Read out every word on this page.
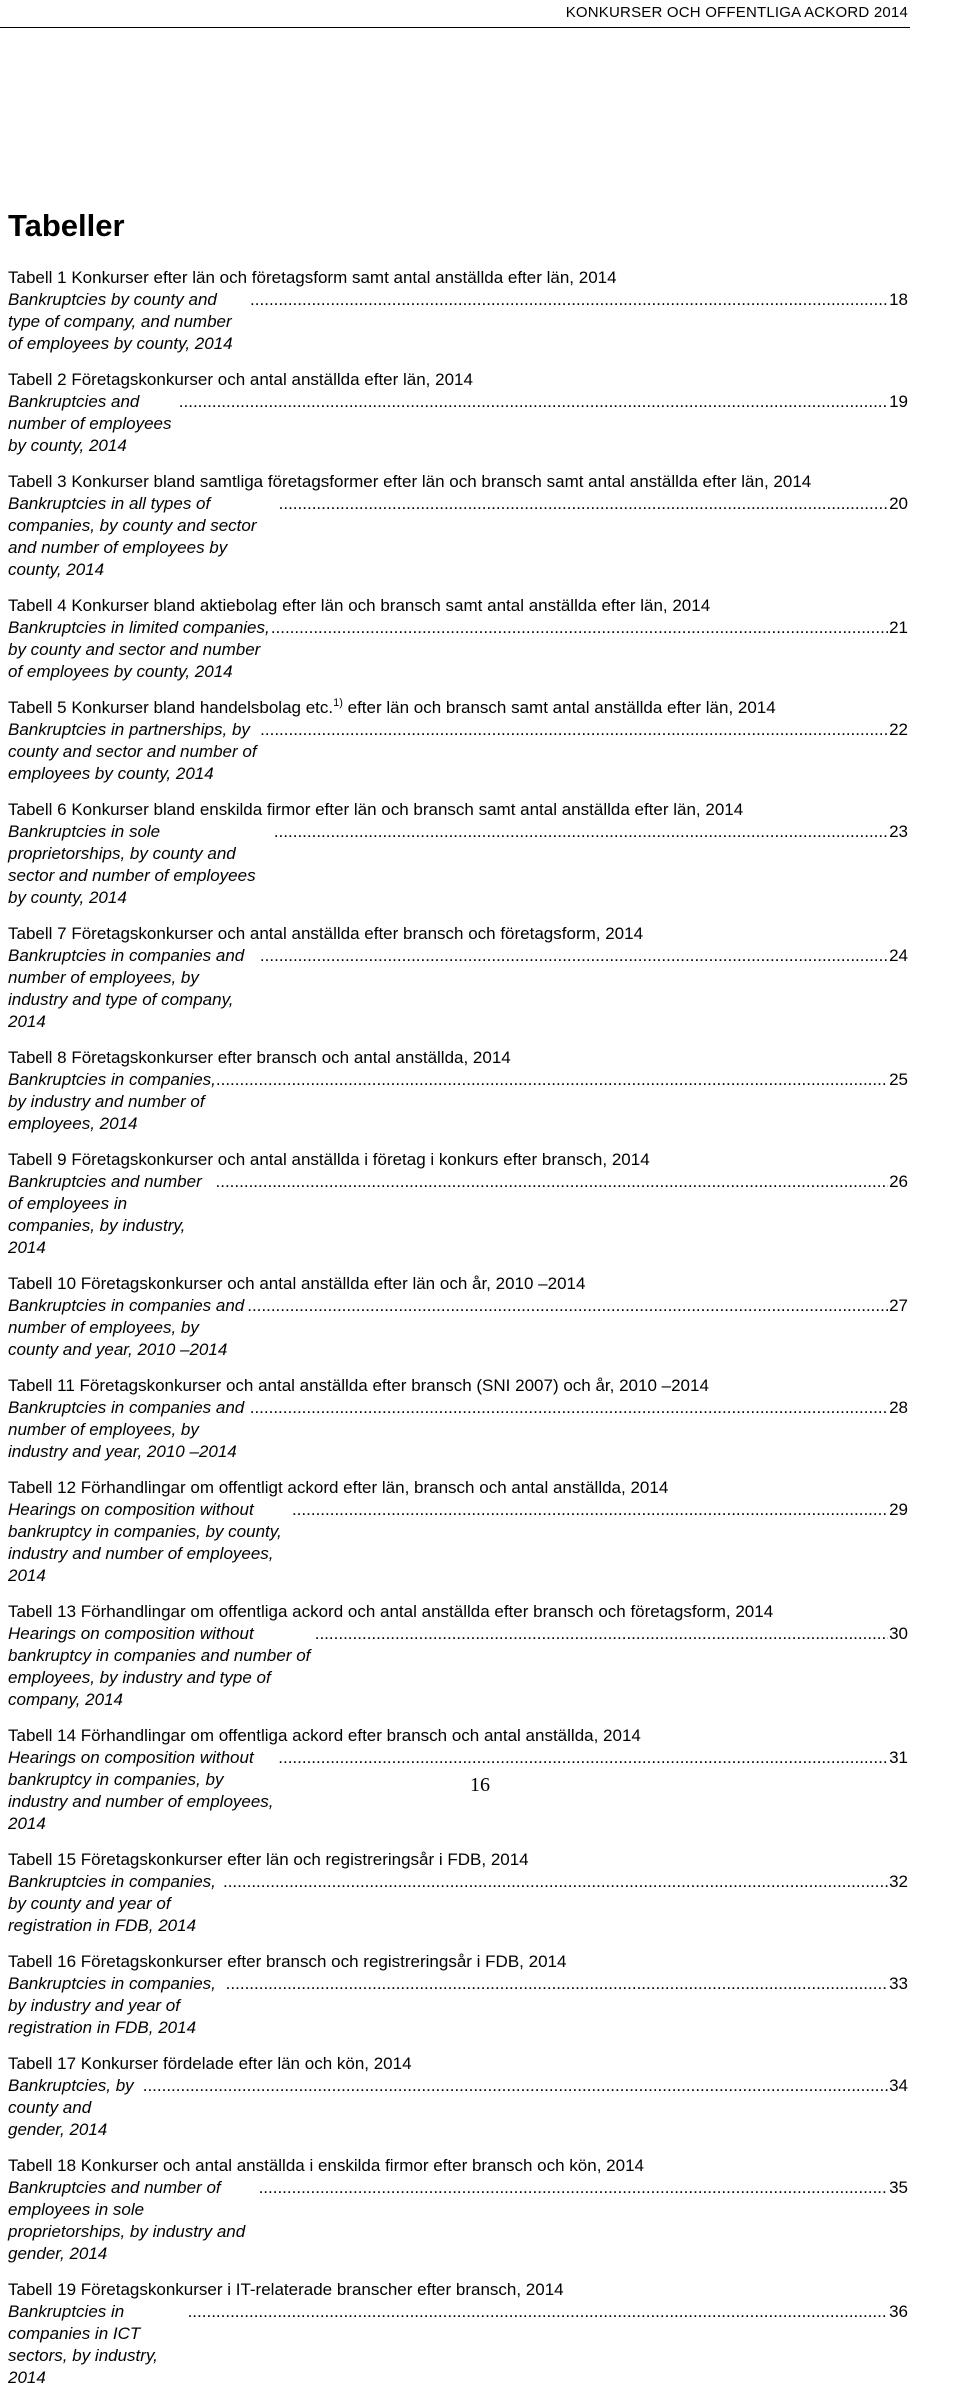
KONKURSER OCH OFFENTLIGA ACKORD 2014
Tabeller
Tabell 1 Konkurser efter län och företagsform samt antal anställda efter län, 2014
Bankruptcies by county and type of company, and number of employees by county, 2014
.....
18
Tabell 2 Företagskonkurser och antal anställda efter län, 2014
Bankruptcies and number of employees by county, 2014
.....
19
Tabell 3 Konkurser bland samtliga företagsformer efter län och bransch samt antal anställda efter län, 2014
Bankruptcies in all types of companies, by county and sector and number of employees by county, 2014
.....
20
Tabell 4 Konkurser bland aktiebolag efter län och bransch samt antal anställda efter län, 2014
Bankruptcies in limited companies, by county and sector and number of employees by county, 2014
.....
21
Tabell 5 Konkurser bland handelsbolag etc.$^{1)}$ efter län och bransch samt antal anställda efter län, 2014
Bankruptcies in partnerships, by county and sector and number of employees by county, 2014
.....
22
Tabell 6 Konkurser bland enskilda firmor efter län och bransch samt antal anställda efter län, 2014
Bankruptcies in sole proprietorships, by county and sector and number of employees by county, 2014
.....
23
Tabell 7 Företagskonkurser och antal anställda efter bransch och företagsform, 2014
Bankruptcies in companies and number of employees, by industry and type of company, 2014
.....
24
Tabell 8 Företagskonkurser efter bransch och antal anställda, 2014
Bankruptcies in companies, by industry and number of employees, 2014
.....
25
Tabell 9 Företagskonkurser och antal anställda i företag i konkurs efter bransch, 2014
Bankruptcies and number of employees in companies, by industry, 2014
.....
26
Tabell 10 Företagskonkurser och antal anställda efter län och år, 2010 –2014
Bankruptcies in companies and number of employees, by county and year, 2010 –2014
.....
27
Tabell 11 Företagskonkurser och antal anställda efter bransch (SNI 2007) och år, 2010 –2014
Bankruptcies in companies and number of employees, by industry and year, 2010 –2014
.....
28
Tabell 12 Förhandlingar om offentligt ackord efter län, bransch och antal anställda, 2014
Hearings on composition without bankruptcy in companies, by county, industry and number of employees, 2014
.....
29
Tabell 13 Förhandlingar om offentliga ackord och antal anställda efter bransch och företagsform, 2014
Hearings on composition without bankruptcy in companies and number of employees, by industry and type of company, 2014
.....
30
Tabell 14 Förhandlingar om offentliga ackord efter bransch och antal anställda, 2014
Hearings on composition without bankruptcy in companies, by industry and number of employees, 2014
.....
31
Tabell 15 Företagskonkurser efter län och registreringsår i FDB, 2014
Bankruptcies in companies, by county and year of registration in FDB, 2014
.....
32
Tabell 16 Företagskonkurser efter bransch och registreringsår i FDB, 2014
Bankruptcies in companies, by industry and year of registration in FDB, 2014
.....
33
Tabell 17 Konkurser fördelade efter län och kön, 2014
Bankruptcies, by county and gender, 2014
.....
34
Tabell 18 Konkurser och antal anställda i enskilda firmor efter bransch och kön, 2014
Bankruptcies and number of employees in sole proprietorships, by industry and gender, 2014
.....
35
Tabell 19 Företagskonkurser i IT-relaterade branscher efter bransch, 2014
Bankruptcies in companies in ICT sectors, by industry, 2014
.....
36
16
